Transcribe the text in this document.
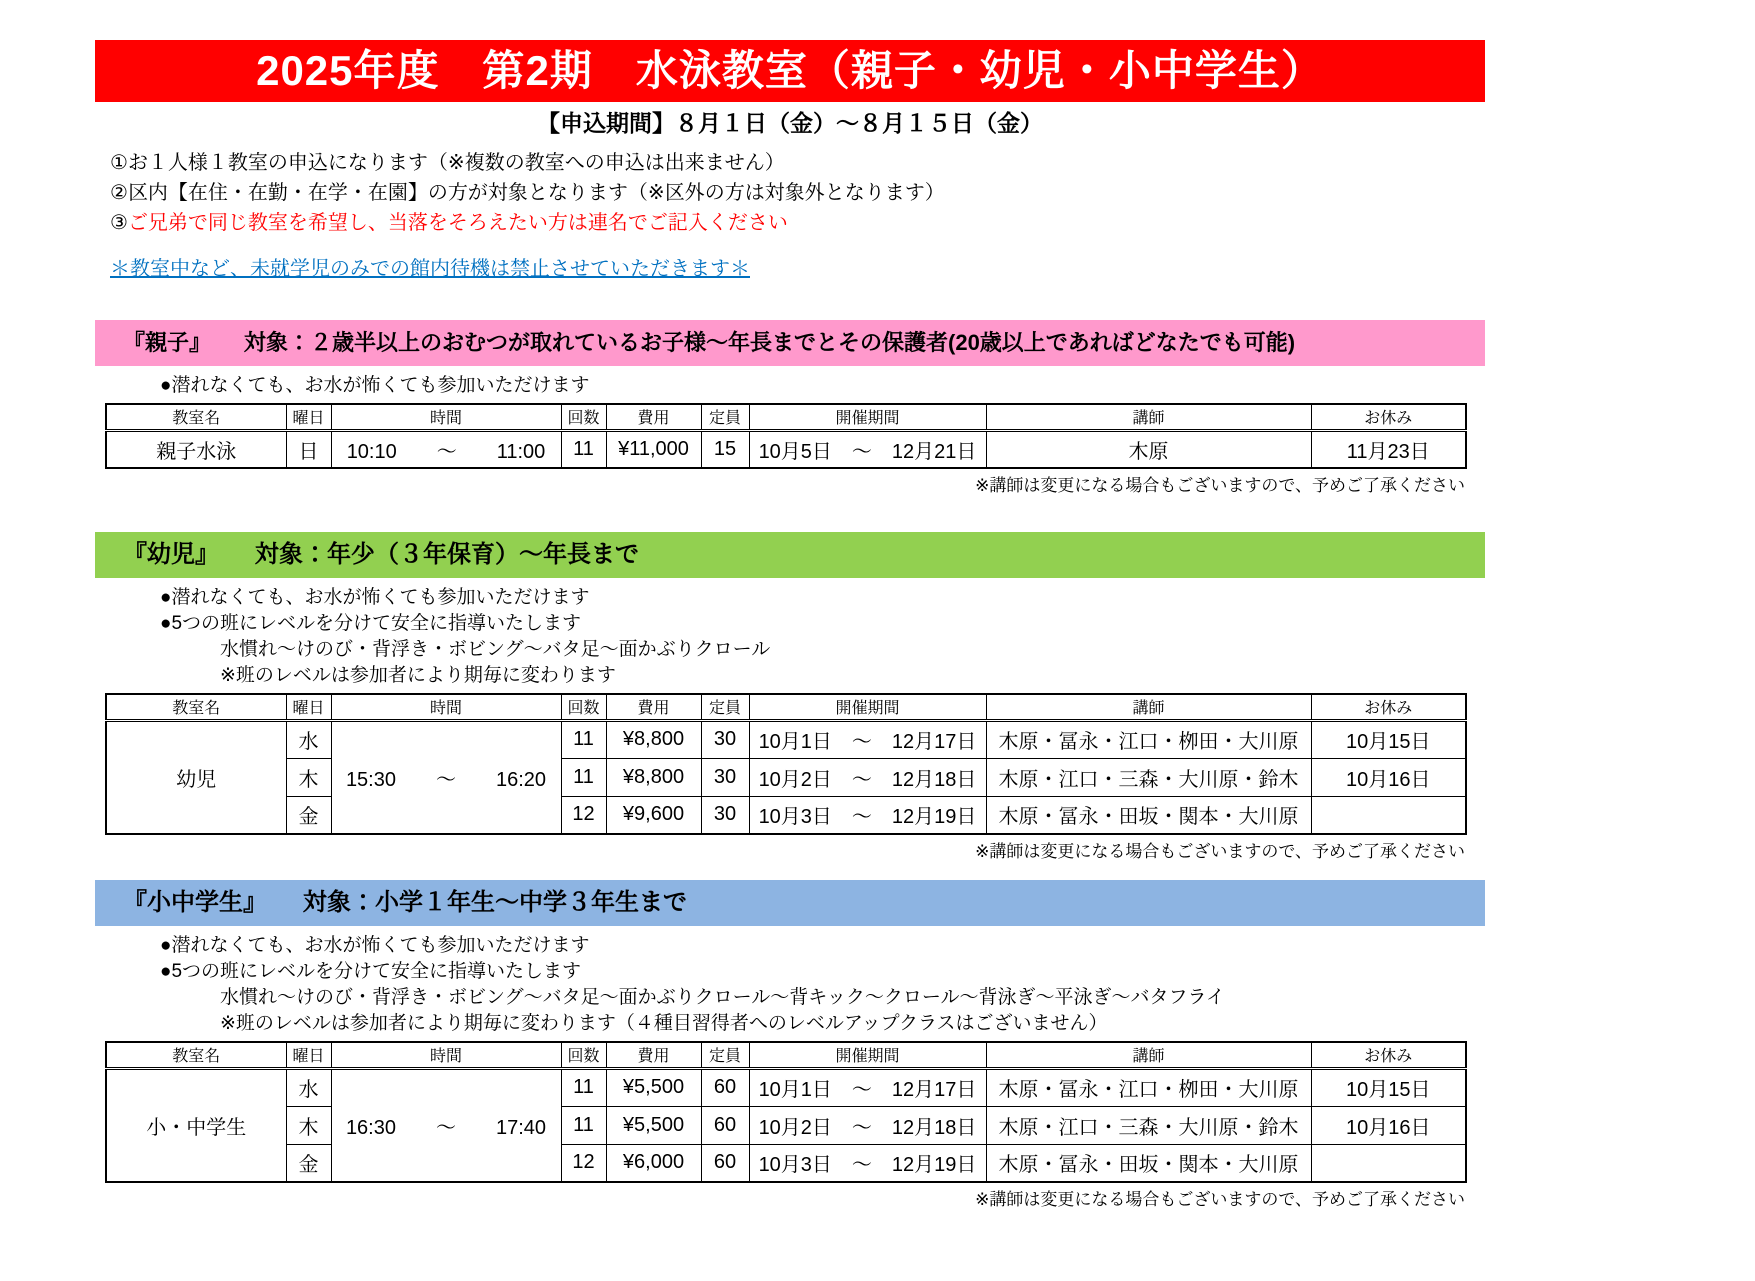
2025年度　第2期　水泳教室（親子・幼児・小中学生）
【申込期間】８月１日（金）～８月１５日（金）
①お１人様１教室の申込になります（※複数の教室への申込は出来ません）
②区内【在住・在勤・在学・在園】の方が対象となります（※区外の方は対象外となります）
③ご兄弟で同じ教室を希望し、当落をそろえたい方は連名でご記入ください
＊教室中など、未就学児のみでの館内待機は禁止させていただきます＊
『親子』　　対象：２歳半以上のおむつが取れているお子様～年長までとその保護者(20歳以上であればどなたでも可能)
●潜れなくても、お水が怖くても参加いただけます
教室名	曜日	時間	回数	費用	定員	開催期間	講師	お休み
親子水泳	日	10:10　　～　　11:00	11	¥11,000	15	10月5日　～　12月21日	木原	11月23日
※講師は変更になる場合もございますので、予めご了承ください
『幼児』　　対象：年少（３年保育）～年長まで
●潜れなくても、お水が怖くても参加いただけます
●5つの班にレベルを分けて安全に指導いたします
水慣れ～けのび・背浮き・ボビング～バタ足～面かぶりクロール
※班のレベルは参加者により期毎に変わります
教室名	曜日	時間	回数	費用	定員	開催期間	講師	お休み
幼児	水	15:30　　～　　16:20	11	¥8,800	30	10月1日　～　12月17日	木原・冨永・江口・栁田・大川原	10月15日
	木		11	¥8,800	30	10月2日　～　12月18日	木原・江口・三森・大川原・鈴木	10月16日
	金		12	¥9,600	30	10月3日　～　12月19日	木原・冨永・田坂・関本・大川原	
※講師は変更になる場合もございますので、予めご了承ください
『小中学生』　　対象：小学１年生～中学３年生まで
●潜れなくても、お水が怖くても参加いただけます
●5つの班にレベルを分けて安全に指導いたします
水慣れ～けのび・背浮き・ボビング～バタ足～面かぶりクロール～背キック～クロール～背泳ぎ～平泳ぎ～バタフライ
※班のレベルは参加者により期毎に変わります（４種目習得者へのレベルアップクラスはございません）
教室名	曜日	時間	回数	費用	定員	開催期間	講師	お休み
小・中学生	水	16:30　　～　　17:40	11	¥5,500	60	10月1日　～　12月17日	木原・冨永・江口・栁田・大川原	10月15日
	木		11	¥5,500	60	10月2日　～　12月18日	木原・江口・三森・大川原・鈴木	10月16日
	金		12	¥6,000	60	10月3日　～　12月19日	木原・冨永・田坂・関本・大川原	
※講師は変更になる場合もございますので、予めご了承ください
